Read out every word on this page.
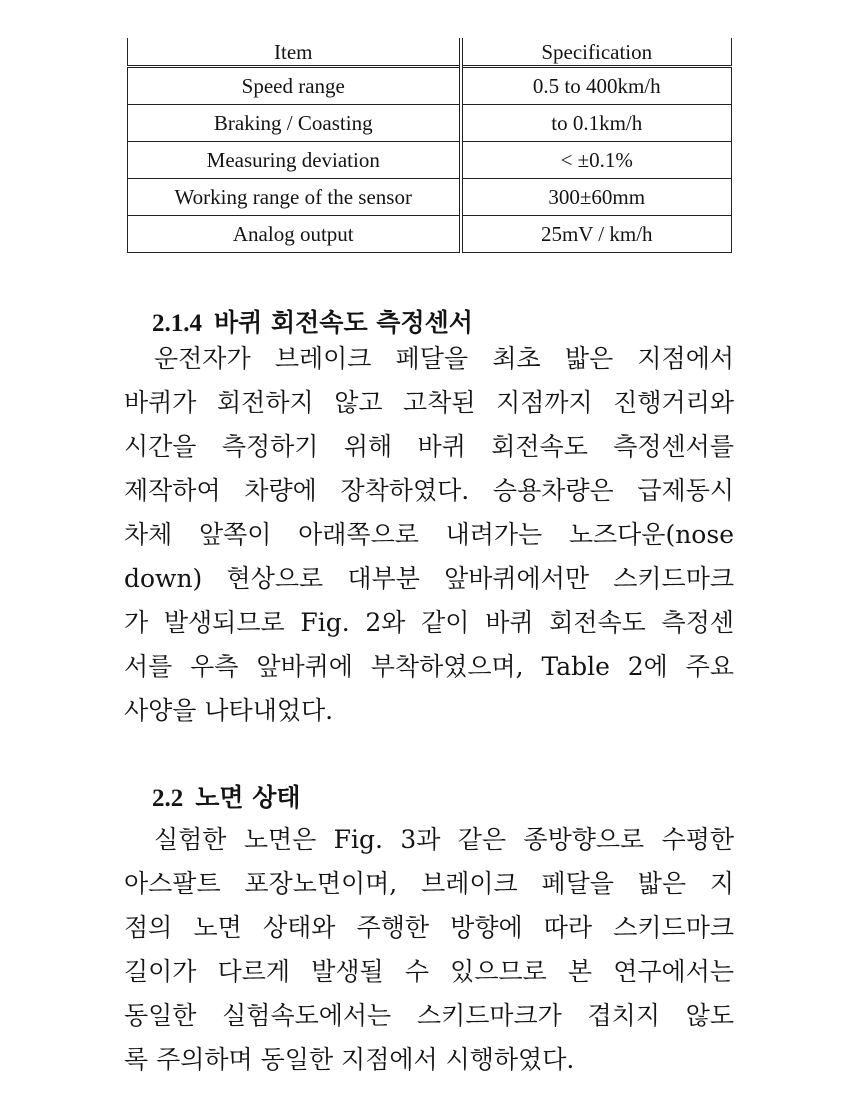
Item	Specification
Speed range	0.5 to 400km/h
Braking / Coasting	to 0.1km/h
Measuring deviation	< ±0.1%
Working range of the sensor	300±60mm
Analog output	25mV / km/h
2.1.4 바퀴 회전속도 측정센서
운전자가 브레이크 페달을 최초 밟은 지점에서
바퀴가 회전하지 않고 고착된 지점까지 진행거리와
시간을 측정하기 위해 바퀴 회전속도 측정센서를
제작하여 차량에 장착하였다. 승용차량은 급제동시
차체 앞쪽이 아래쪽으로 내려가는 노즈다운(nose
down) 현상으로 대부분 앞바퀴에서만 스키드마크
가 발생되므로 Fig. 2와 같이 바퀴 회전속도 측정센
서를 우측 앞바퀴에 부착하였으며, Table 2에 주요
사양을 나타내었다.
2.2 노면 상태
실험한 노면은 Fig. 3과 같은 종방향으로 수평한
아스팔트 포장노면이며, 브레이크 페달을 밟은 지
점의 노면 상태와 주행한 방향에 따라 스키드마크
길이가 다르게 발생될 수 있으므로 본 연구에서는
동일한 실험속도에서는 스키드마크가 겹치지 않도
록 주의하며 동일한 지점에서 시행하였다.
